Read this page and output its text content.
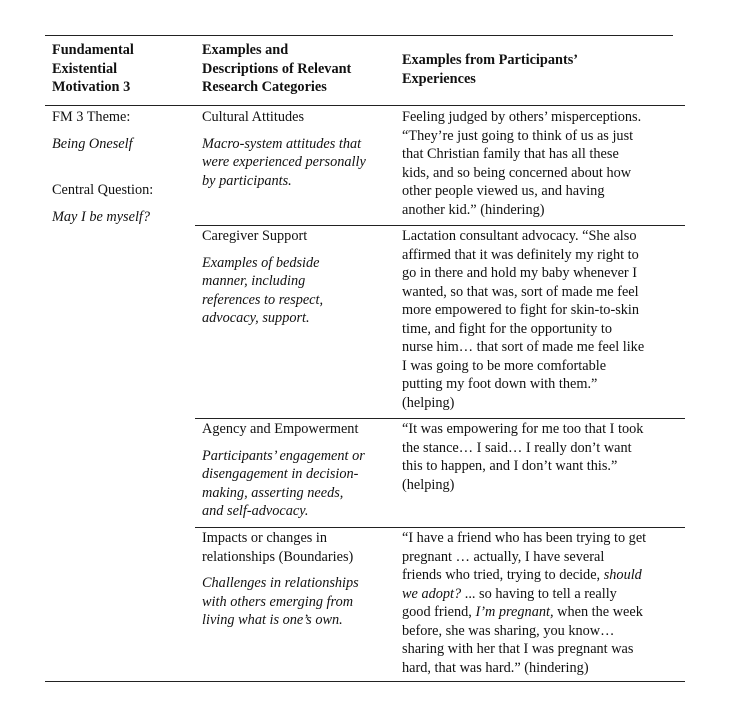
Fundamental
Existential
Motivation 3
Examples and
Descriptions of Relevant
Research Categories
Examples from Participants’
Experiences
FM 3 Theme:
Being Oneself
Central Question:
May I be myself?
Cultural Attitudes
Macro-system attitudes that
were experienced personally
by participants.
Feeling judged by others’ misperceptions.
“They’re just going to think of us as just
that Christian family that has all these
kids, and so being concerned about how
other people viewed us, and having
another kid.” (hindering)
Caregiver Support
Examples of bedside
manner, including
references to respect,
advocacy, support.
Lactation consultant advocacy. “She also
affirmed that it was definitely my right to
go in there and hold my baby whenever I
wanted, so that was, sort of made me feel
more empowered to fight for skin-to-skin
time, and fight for the opportunity to
nurse him… that sort of made me feel like
I was going to be more comfortable
putting my foot down with them.”
(helping)
Agency and Empowerment
Participants’ engagement or
disengagement in decision-
making, asserting needs,
and self-advocacy.
“It was empowering for me too that I took
the stance… I said… I really don’t want
this to happen, and I don’t want this.”
(helping)
Impacts or changes in
relationships (Boundaries)
Challenges in relationships
with others emerging from
living what is one’s own.
“I have a friend who has been trying to get
pregnant … actually, I have several
friends who tried, trying to decide, should
we adopt? ... so having to tell a really
good friend, I’m pregnant, when the week
before, she was sharing, you know…
sharing with her that I was pregnant was
hard, that was hard.” (hindering)
